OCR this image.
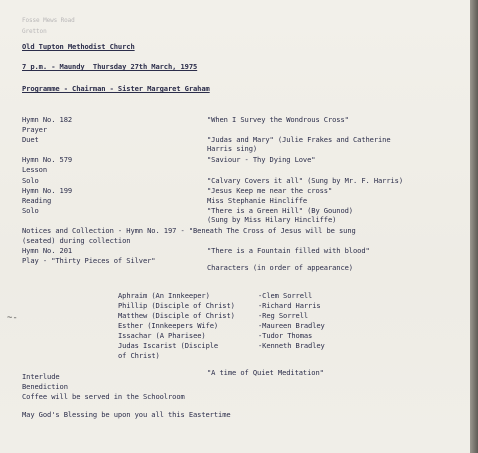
Fosse Mews Road
Gretton
Old Tupton Methodist Church
7 p.m. - Maundy  Thursday 27th March, 1975
Programme - Chairman - Sister Margaret Graham
Hymn No. 182	"When I Survey the Wondrous Cross"
Prayer
Duet	"Judas and Mary" (Julie Frakes and Catherine
Harris sing)
Hymn No. 579	"Saviour - Thy Dying Love"
Lesson
Solo	"Calvary Covers it all" (Sung by Mr. F. Harris)
Hymn No. 199	"Jesus Keep me near the cross"
Reading	Miss Stephanie Hincliffe
Solo	"There is a Green Hill" (By Gounod)
(Sung by Miss Hilary Hincliffe)
Notices and Collection - Hymn No. 197 - "Beneath The Cross of Jesus will be sung
(seated) during collection
Hymn No. 201	"There is a Fountain filled with blood"
Play - "Thirty Pieces of Silver"
Characters (in order of appearance)
Aphraim (An Innkeeper)	-Clem Sorrell
Phillip (Disciple of Christ)	-Richard Harris
Matthew (Disciple of Christ)	-Reg Sorrell
Esther (Innkeepers Wife)	-Maureen Bradley
Issachar (A Pharisee)	-Tudor Thomas
Judas Iscarist (Disciple	-Kenneth Bradley
of Christ)
Interlude	"A time of Quiet Meditation"
Benediction
Coffee will be served in the Schoolroom
May God's Blessing be upon you all this Eastertime
~-
